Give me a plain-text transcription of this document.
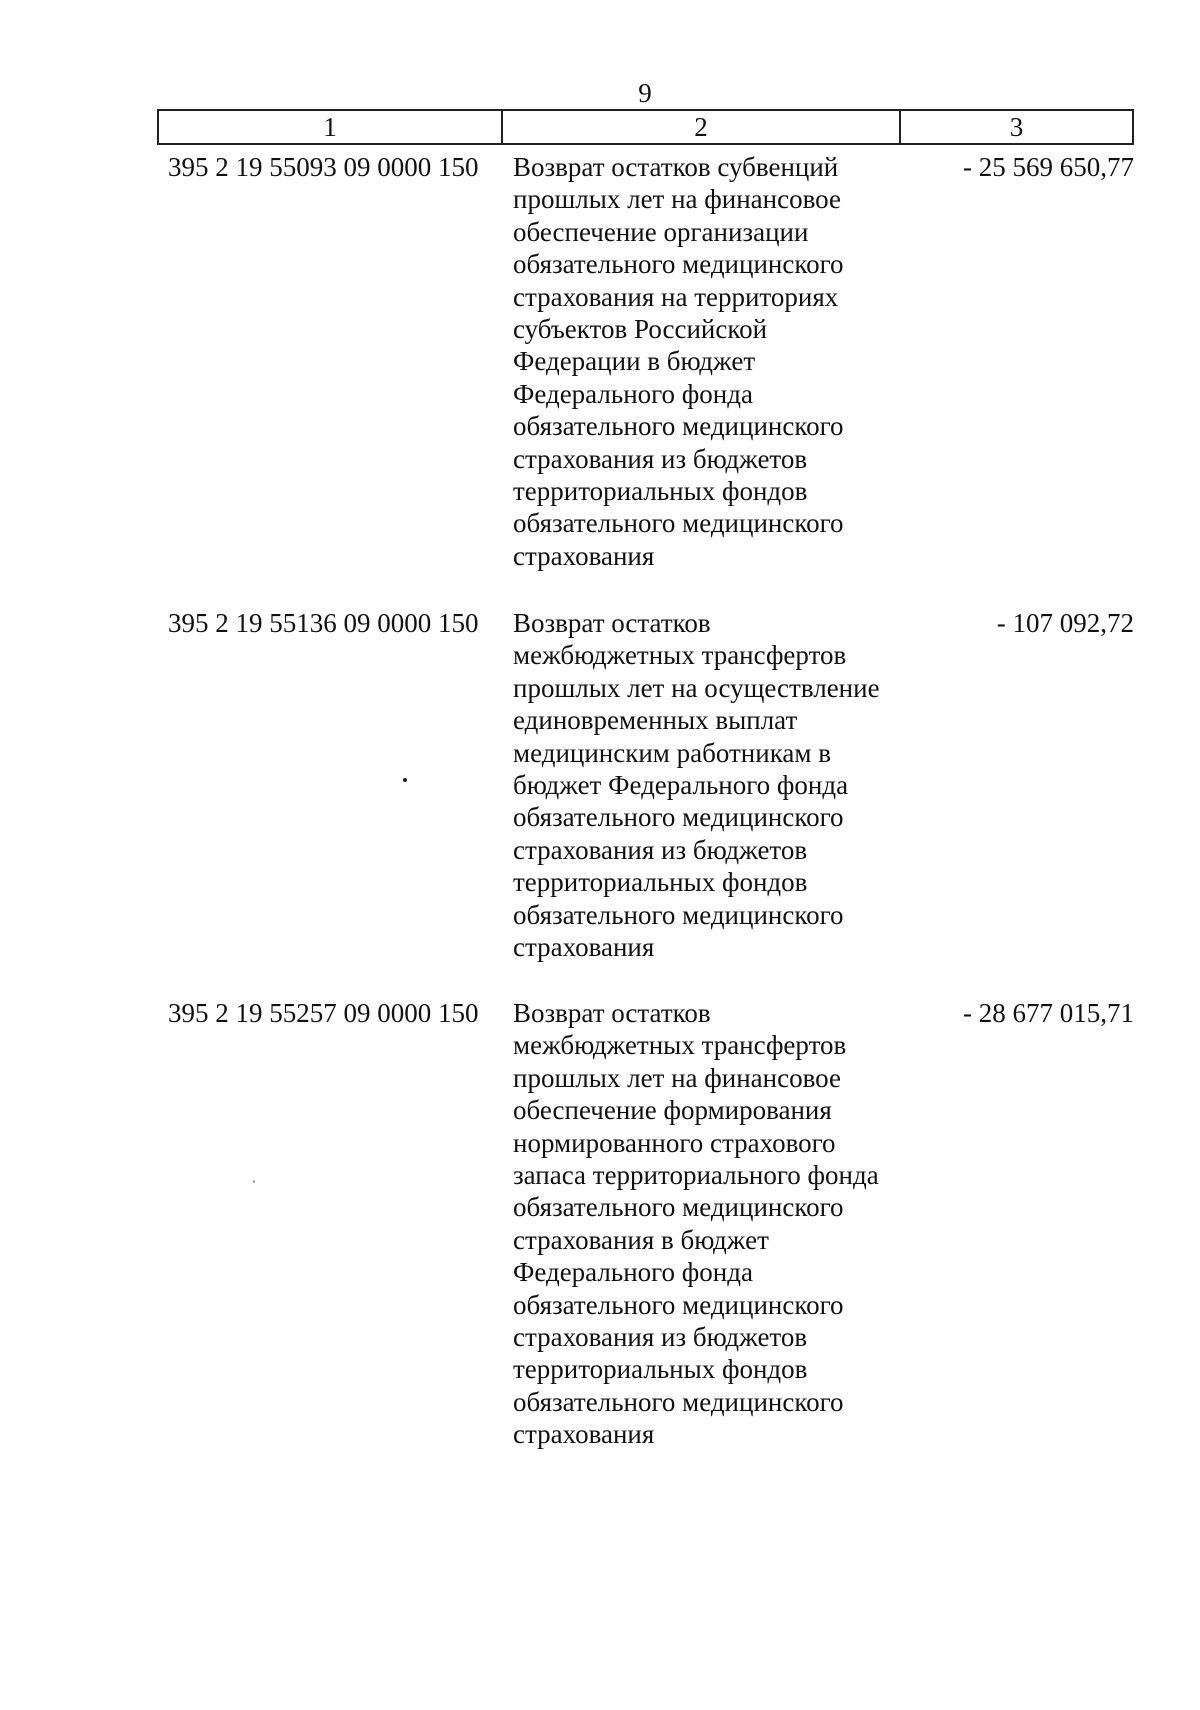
9
1	2	3
395 2 19 55093 09 0000 150 Возврат остатков субвенций
прошлых лет на финансовое
обеспечение организации
обязательного медицинского
страхования на территориях
субъектов Российской
Федерации в бюджет
Федерального фонда
обязательного медицинского
страхования из бюджетов
территориальных фондов
обязательного медицинского
страхования
- 25 569 650,77
395 2 19 55136 09 0000 150 Возврат остатков
межбюджетных трансфертов
прошлых лет на осуществление
единовременных выплат
медицинским работникам в
бюджет Федерального фонда
обязательного медицинского
страхования из бюджетов
территориальных фондов
обязательного медицинского
страхования
- 107 092,72
395 2 19 55257 09 0000 150 Возврат остатков
межбюджетных трансфертов
прошлых лет на финансовое
обеспечение формирования
нормированного страхового
запаса территориального фонда
обязательного медицинского
страхования в бюджет
Федерального фонда
обязательного медицинского
страхования из бюджетов
территориальных фондов
обязательного медицинского
страхования
- 28 677 015,71
